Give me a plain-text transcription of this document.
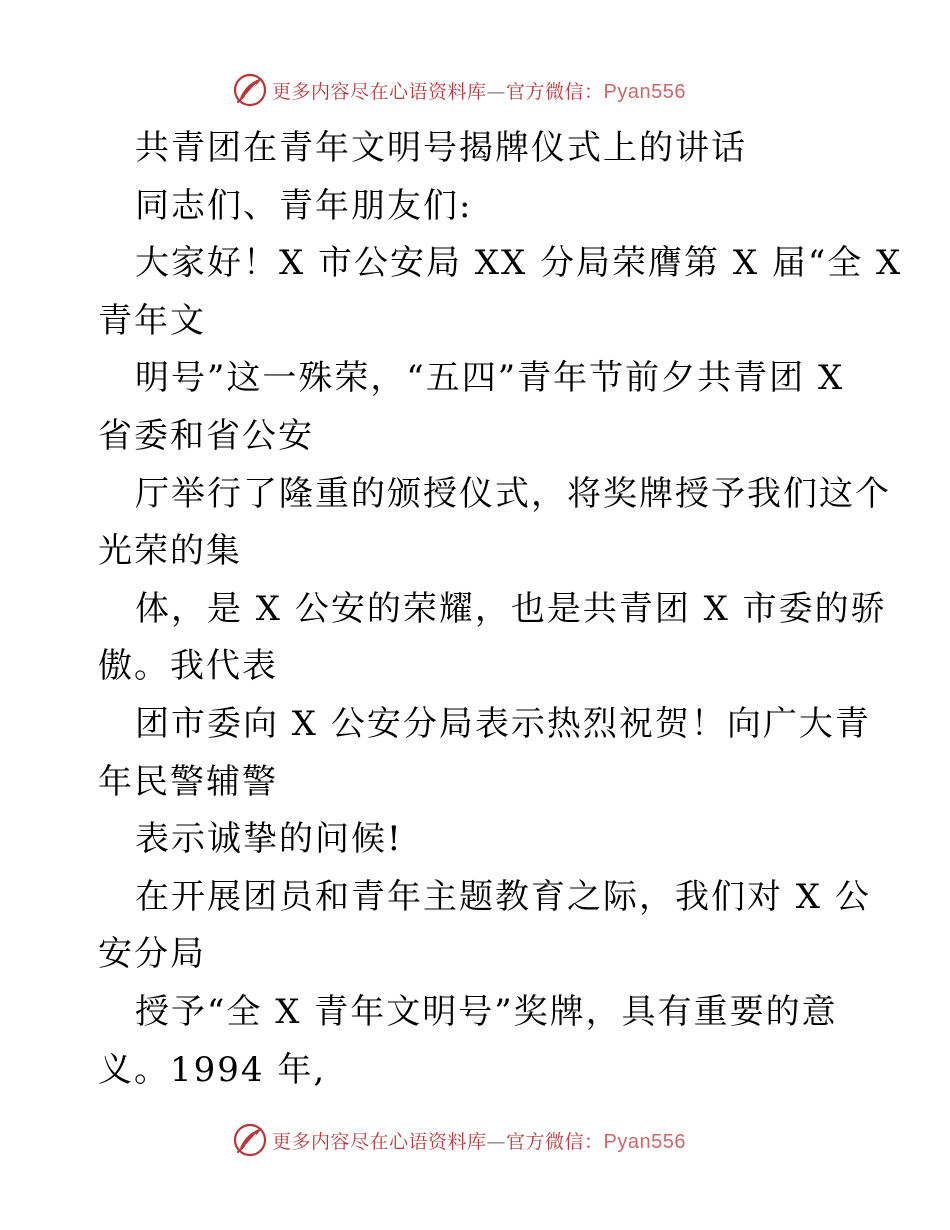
更多内容尽在心语资料库—官方微信：Pyan556
共青团在青年文明号揭牌仪式上的讲话
同志们、青年朋友们:
大家好！X 市公安局 XX 分局荣膺第 X 届“全 X
青年文
明号”这一殊荣，“五四”青年节前夕共青团 X
省委和省公安
厅举行了隆重的颁授仪式，将奖牌授予我们这个
光荣的集
体，是 X 公安的荣耀，也是共青团 X 市委的骄
傲。我代表
团市委向 X 公安分局表示热烈祝贺！向广大青
年民警辅警
表示诚挚的问候!
在开展团员和青年主题教育之际，我们对 X 公
安分局
授予“全 X 青年文明号”奖牌，具有重要的意
义。1994 年,
更多内容尽在心语资料库—官方微信：Pyan556
